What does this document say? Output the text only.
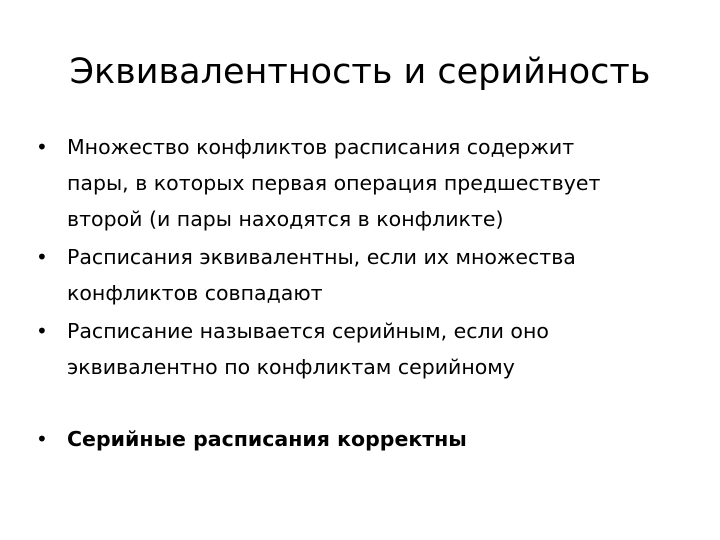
Эквивалентность и серийность
• Множество конфликтов расписания содержит
пары, в которых первая операция предшествует
второй (и пары находятся в конфликте)
• Расписания эквивалентны, если их множества
конфликтов совпадают
• Расписание называется серийным, если оно
эквивалентно по конфликтам серийному
• Серийные расписания корректны
